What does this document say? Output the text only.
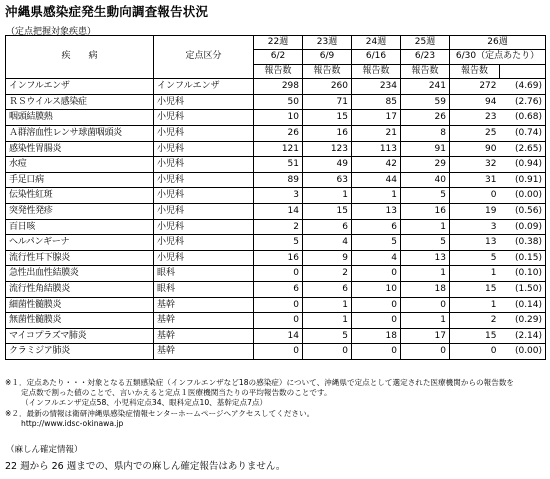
沖縄県感染症発生動向調査報告状況
（定点把握対象疾患）
疾　　病	定点区分	22週	23週	24週	25週	26週	
		6/2	6/9	6/16	6/23	6/30（定点あたり）	
		報告数	報告数	報告数	報告数	報告数	
インフルエンザ	インフルエンザ	298	260	234	241	272	(4.69)
ＲＳウイルス感染症	小児科	50	71	85	59	94	(2.76)
咽頭結膜熱	小児科	10	15	17	26	23	(0.68)
Ａ群溶血性レンサ球菌咽頭炎	小児科	26	16	21	8	25	(0.74)
感染性胃腸炎	小児科	121	123	113	91	90	(2.65)
水痘	小児科	51	49	42	29	32	(0.94)
手足口病	小児科	89	63	44	40	31	(0.91)
伝染性紅斑	小児科	3	1	1	5	0	(0.00)
突発性発疹	小児科	14	15	13	16	19	(0.56)
百日咳	小児科	2	6	6	1	3	(0.09)
ヘルパンギーナ	小児科	5	4	5	5	13	(0.38)
流行性耳下腺炎	小児科	16	9	4	13	5	(0.15)
急性出血性結膜炎	眼科	0	2	0	1	1	(0.10)
流行性角結膜炎	眼科	6	6	10	18	15	(1.50)
細菌性髄膜炎	基幹	0	1	0	0	1	(0.14)
無菌性髄膜炎	基幹	0	1	0	1	2	(0.29)
マイコプラズマ肺炎	基幹	14	5	18	17	15	(2.14)
クラミジア肺炎	基幹	0	0	0	0	0	(0.00)
※１．定点あたり・・・対象となる五類感染症（インフルエンザなど18の感染症）について、沖縄県で定点として選定された医療機関からの報告数を
定点数で割った値のことで、言いかえると定点１医療機関当たりの平均報告数のことです。
（インフルエンザ定点58、小児科定点34、眼科定点10、基幹定点7点）
※２．最新の情報は衛研沖縄県感染症情報センターホームページへアクセスしてください。
http://www.idsc-okinawa.jp
（麻しん確定情報）
22 週から 26 週までの、県内での麻しん確定報告はありません。
